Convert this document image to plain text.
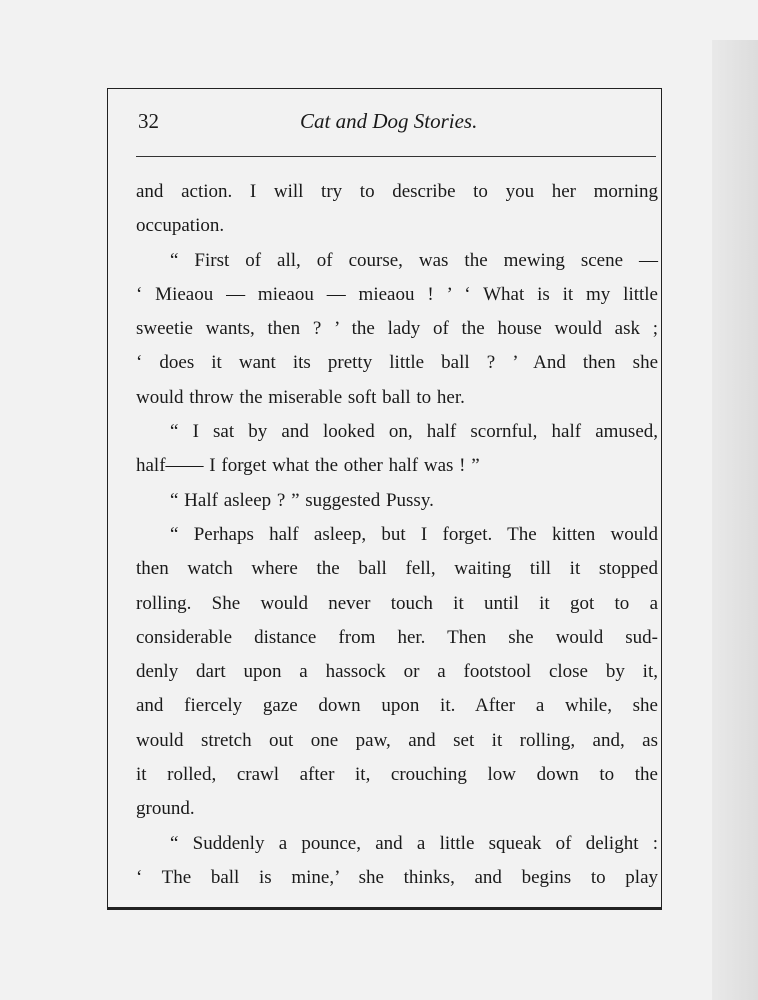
32	Cat and Dog Stories.
and action. I will try to describe to you her morning
occupation.
“ First of all, of course, was the mewing scene —
‘ Mieaou — mieaou — mieaou ! ’ ‘ What is it my little
sweetie wants, then ? ’ the lady of the house would ask ;
‘ does it want its pretty little ball ? ’ And then she
would throw the miserable soft ball to her.
“ I sat by and looked on, half scornful, half amused,
half—— I forget what the other half was ! ”
“ Half asleep ? ” suggested Pussy.
“ Perhaps half asleep, but I forget. The kitten would
then watch where the ball fell, waiting till it stopped
rolling. She would never touch it until it got to a
considerable distance from her. Then she would sud-
denly dart upon a hassock or a footstool close by it,
and fiercely gaze down upon it. After a while, she
would stretch out one paw, and set it rolling, and, as
it rolled, crawl after it, crouching low down to the
ground.
“ Suddenly a pounce, and a little squeak of delight :
‘ The ball is mine,’ she thinks, and begins to play
